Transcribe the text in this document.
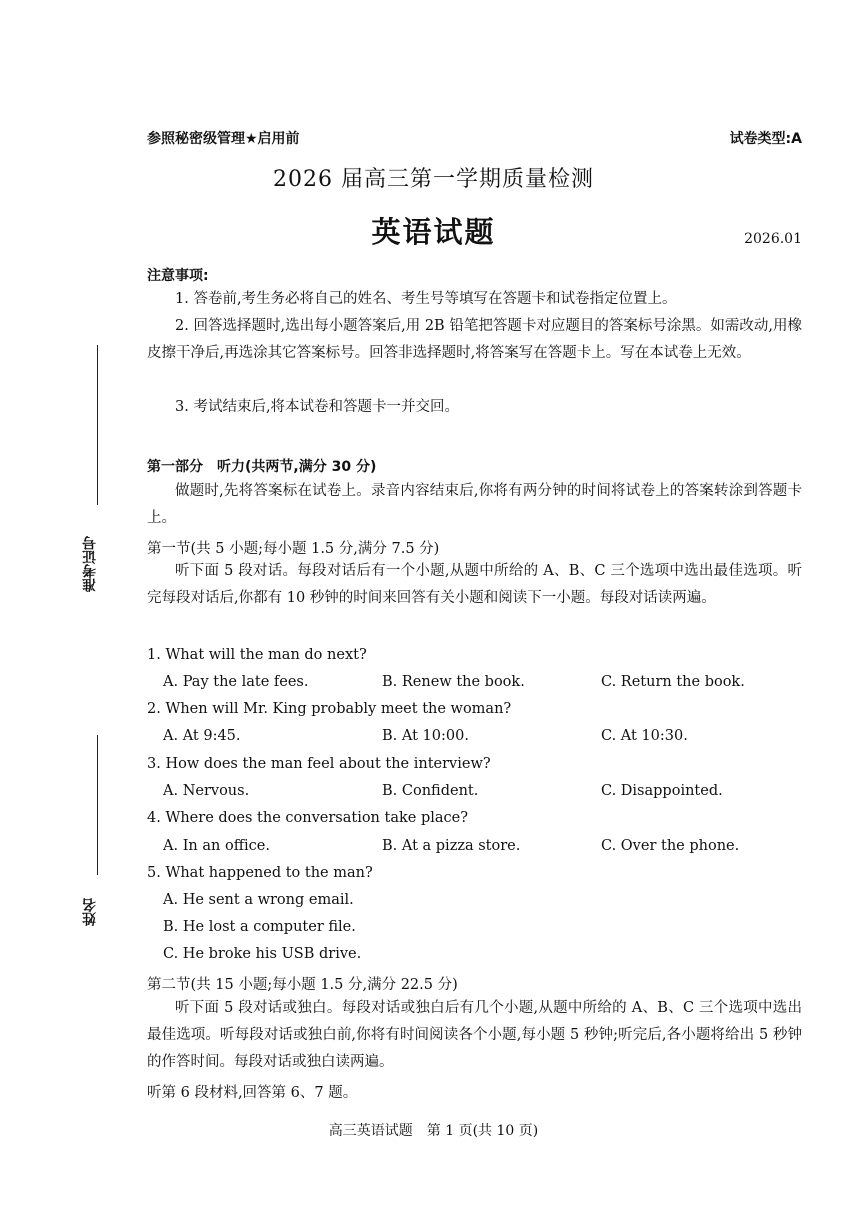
准考证号
姓名
参照秘密级管理★启用前	试卷类型:A
2026 届高三第一学期质量检测
英语试题	2026.01
注意事项:
1. 答卷前,考生务必将自己的姓名、考生号等填写在答题卡和试卷指定位置上。
2. 回答选择题时,选出每小题答案后,用 2B 铅笔把答题卡对应题目的答案标号涂黑。如需改动,用橡皮擦干净后,再选涂其它答案标号。回答非选择题时,将答案写在答题卡上。写在本试卷上无效。
3. 考试结束后,将本试卷和答题卡一并交回。
第一部分　听力(共两节,满分 30 分)
做题时,先将答案标在试卷上。录音内容结束后,你将有两分钟的时间将试卷上的答案转涂到答题卡上。
第一节(共 5 小题;每小题 1.5 分,满分 7.5 分)
听下面 5 段对话。每段对话后有一个小题,从题中所给的 A、B、C 三个选项中选出最佳选项。听完每段对话后,你都有 10 秒钟的时间来回答有关小题和阅读下一小题。每段对话读两遍。
1. What will the man do next?
A. Pay the late fees.	B. Renew the book.	C. Return the book.
2. When will Mr. King probably meet the woman?
A. At 9:45.	B. At 10:00.	C. At 10:30.
3. How does the man feel about the interview?
A. Nervous.	B. Confident.	C. Disappointed.
4. Where does the conversation take place?
A. In an office.	B. At a pizza store.	C. Over the phone.
5. What happened to the man?
A. He sent a wrong email.
B. He lost a computer file.
C. He broke his USB drive.
第二节(共 15 小题;每小题 1.5 分,满分 22.5 分)
听下面 5 段对话或独白。每段对话或独白后有几个小题,从题中所给的 A、B、C 三个选项中选出最佳选项。听每段对话或独白前,你将有时间阅读各个小题,每小题 5 秒钟;听完后,各小题将给出 5 秒钟的作答时间。每段对话或独白读两遍。
听第 6 段材料,回答第 6、7 题。
高三英语试题　第 1 页(共 10 页)
